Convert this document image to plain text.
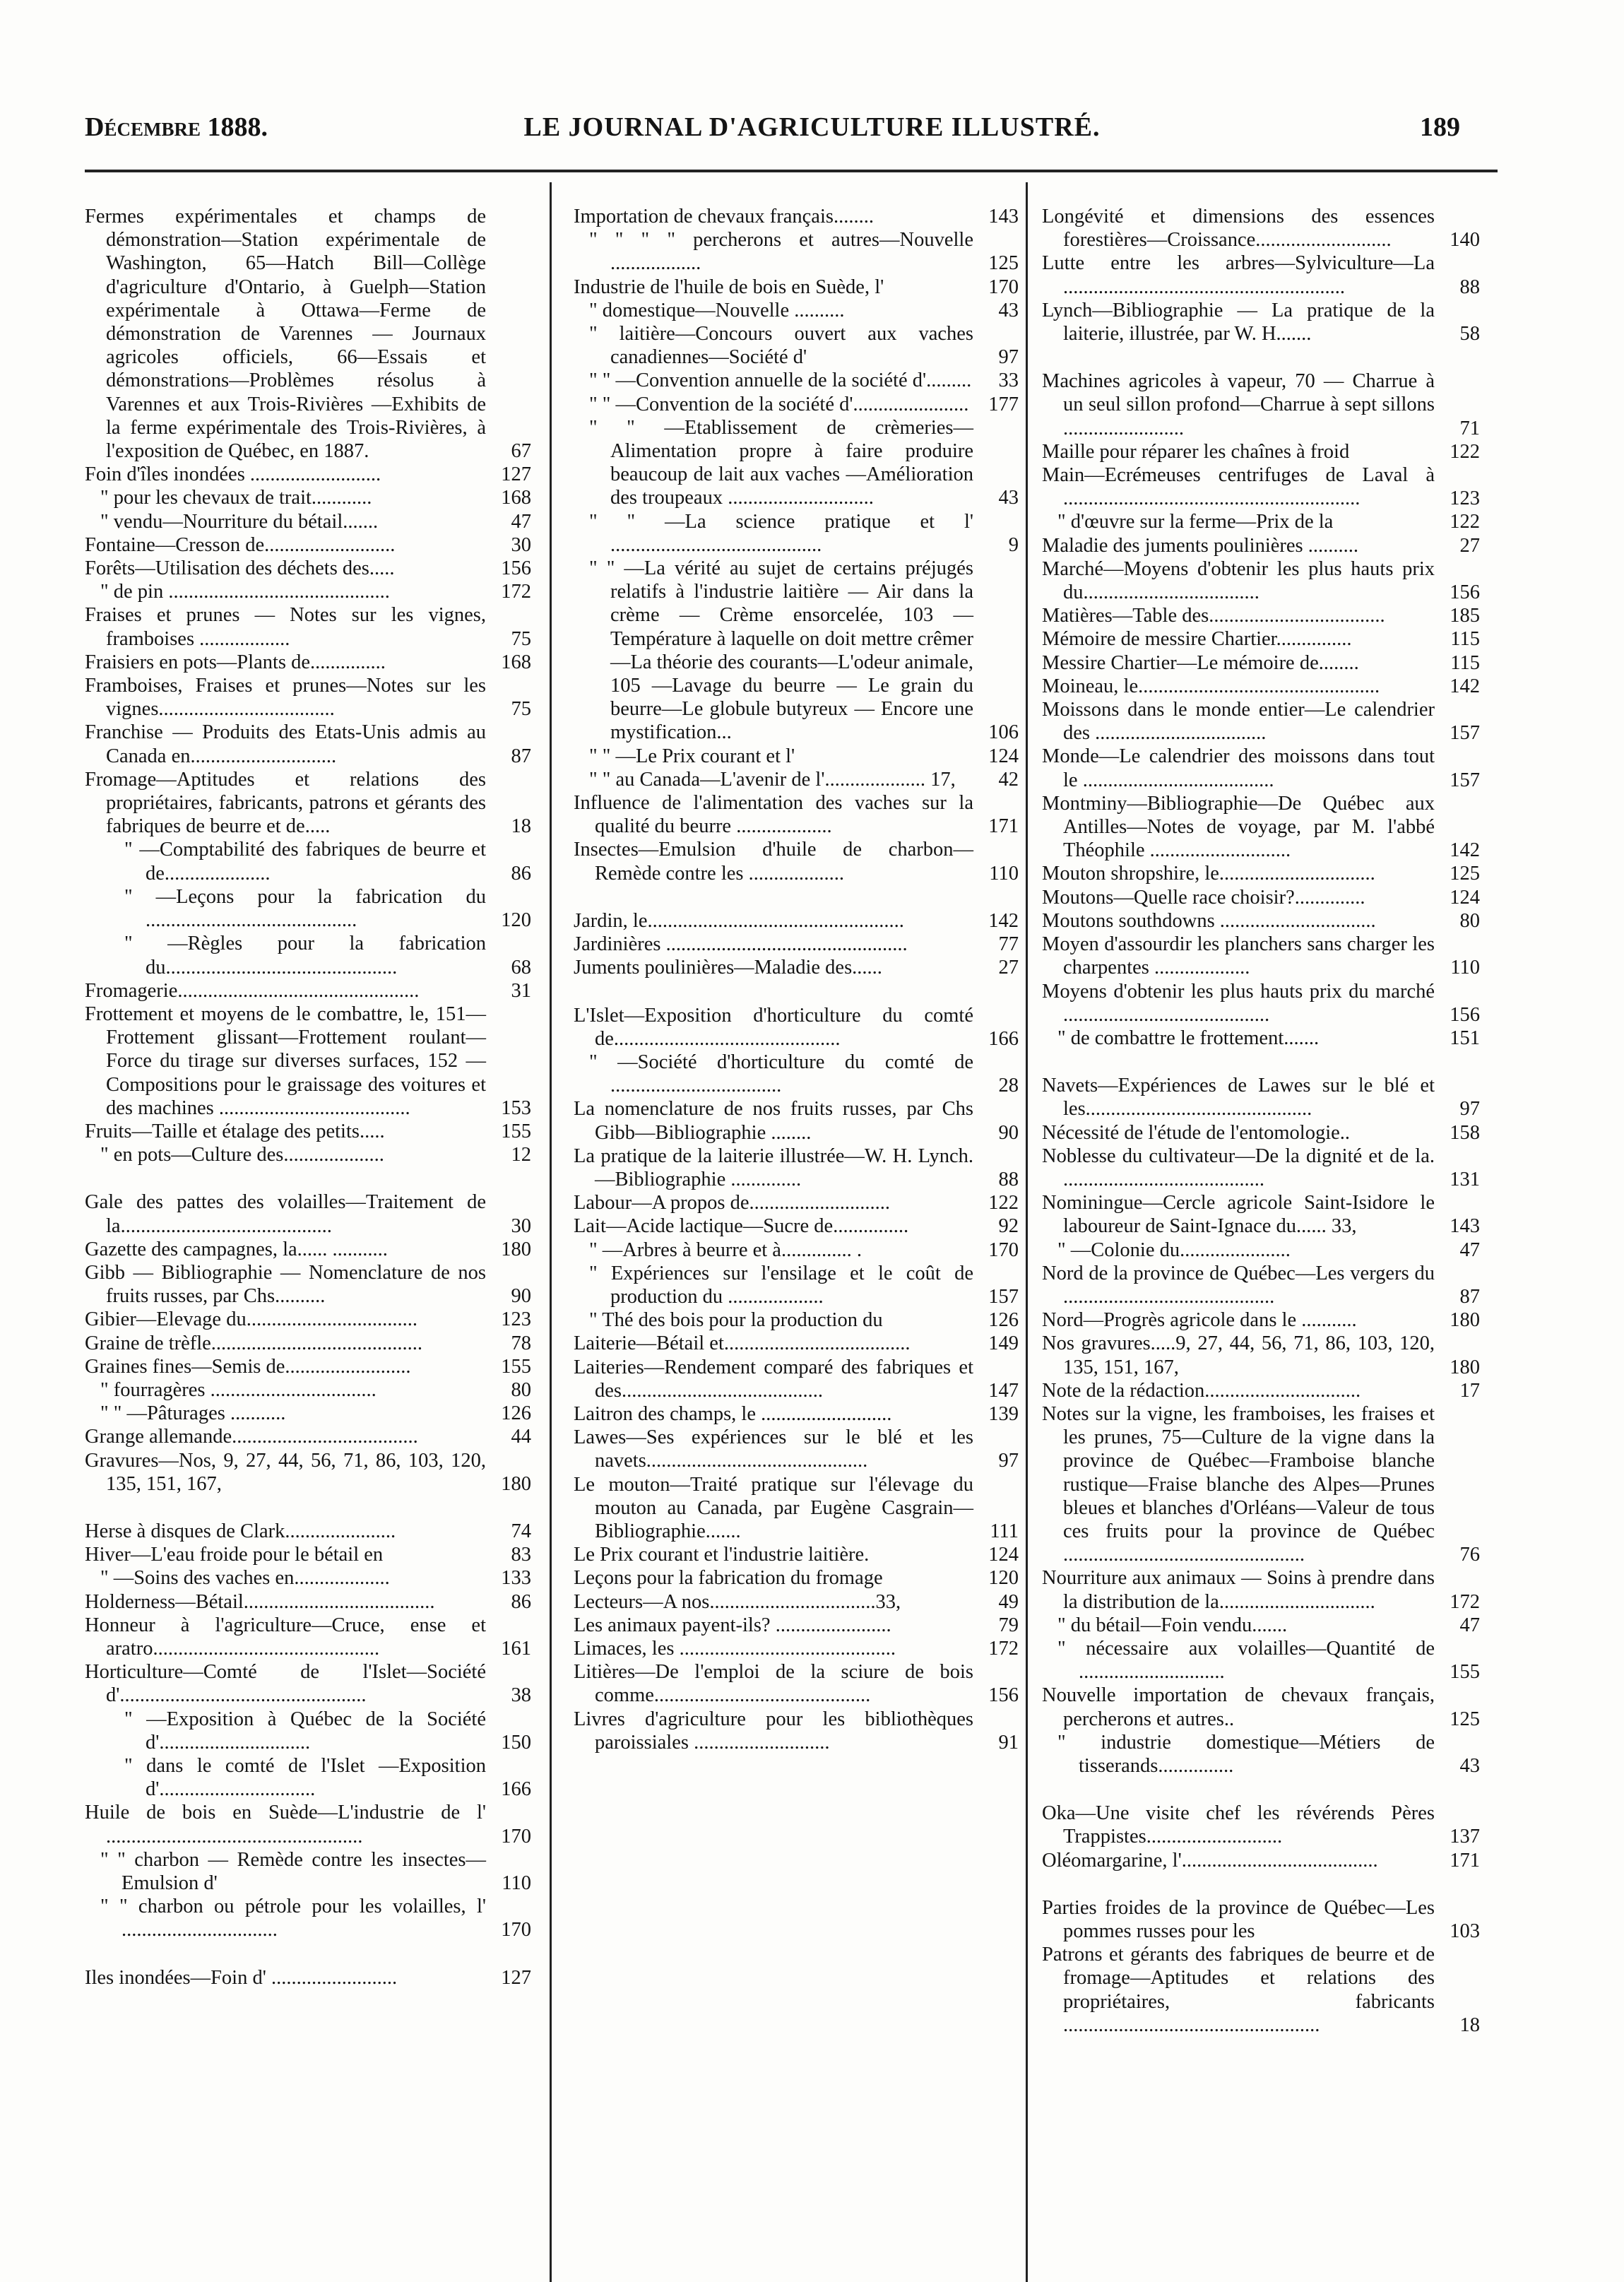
Décembre 1888.	LE JOURNAL D'AGRICULTURE ILLUSTRÉ.	189
Fermes expérimentales et champs de démonstration—Station expérimentale de Washington, 65—Hatch Bill—Collège d'agriculture d'Ontario, à Guelph—Station expérimentale à Ottawa—Ferme de démonstration de Varennes — Journaux agricoles officiels, 66—Essais et démonstrations—Problèmes résolus à Varennes et aux Trois-Rivières —Exhibits de la ferme expérimentale des Trois-Rivières, à l'exposition de Québec, en 1887.	67
Foin d'îles inondées ..........................	127
" pour les chevaux de trait............	168
" vendu—Nourriture du bétail.......	47
Fontaine—Cresson de..........................	30
Forêts—Utilisation des déchets des.....	156
" de pin ............................................	172
Fraises et prunes — Notes sur les vignes, framboises ..................	75
Fraisiers en pots—Plants de...............	168
Framboises, Fraises et prunes—Notes sur les vignes...................................	75
Franchise — Produits des Etats-Unis admis au Canada en.............................	87
Fromage—Aptitudes et relations des propriétaires, fabricants, patrons et gérants des fabriques de beurre et de.....	18
" —Comptabilité des fabriques de beurre et de.....................	86
" —Leçons pour la fabrication du ..........................................	120
" —Règles pour la fabrication du..............................................	68
Fromagerie................................................	31
Frottement et moyens de le combattre, le, 151—Frottement glissant—Frottement roulant—Force du tirage sur diverses surfaces, 152 — Compositions pour le graissage des voitures et des machines ......................................	153
Fruits—Taille et étalage des petits.....	155
" en pots—Culture des....................	12
Gale des pattes des volailles—Traitement de la..........................................	30
Gazette des campagnes, la...... ...........	180
Gibb — Bibliographie — Nomenclature de nos fruits russes, par Chs..........	90
Gibier—Elevage du..................................	123
Graine de trèfle..........................................	78
Graines fines—Semis de.........................	155
" fourragères .................................	80
" " —Pâturages ...........	126
Grange allemande.....................................	44
Gravures—Nos, 9, 27, 44, 56, 71, 86, 103, 120, 135, 151, 167,	180
Herse à disques de Clark......................	74
Hiver—L'eau froide pour le bétail en	83
" —Soins des vaches en...................	133
Holderness—Bétail......................................	86
Honneur à l'agriculture—Cruce, ense et aratro.............................................	161
Horticulture—Comté de l'Islet—Société d'.................................................	38
" —Exposition à Québec de la Société d'..............................	150
" dans le comté de l'Islet —Exposition d'...............................	166
Huile de bois en Suède—L'industrie de l' ...................................................	170
" " charbon — Remède contre les insectes—Emulsion d'	110
" " charbon ou pétrole pour les volailles, l' ...............................	170
Iles inondées—Foin d' .........................	127
Importation de chevaux français........	143
" " " " percherons et autres—Nouvelle ..................	125
Industrie de l'huile de bois en Suède, l'	170
" domestique—Nouvelle ..........	43
" laitière—Concours ouvert aux vaches canadiennes—Société d'	97
" " —Convention annuelle de la société d'.........	33
" " —Convention de la société d'....................... 177
" " —Etablissement de crèmeries—Alimentation propre à faire produire beaucoup de lait aux vaches —Amélioration des troupeaux .............................	43
" " —La science pratique et l' ..........................................	9
" " —La vérité au sujet de certains préjugés relatifs à l'industrie laitière — Air dans la crème — Crème ensorcelée, 103 — Température à laquelle on doit mettre crêmer—La théorie des courants—L'odeur animale, 105 —Lavage du beurre — Le grain du beurre—Le globule butyreux — Encore une mystification...	106
" " —Le Prix courant et l'	124
" " au Canada—L'avenir de l'.................... 17,	42
Influence de l'alimentation des vaches sur la qualité du beurre ...................	171
Insectes—Emulsion d'huile de charbon—Remède contre les ...................	110
Jardin, le...................................................	142
Jardinières ................................................	77
Juments poulinières—Maladie des......	27
L'Islet—Exposition d'horticulture du comté de.............................................	166
" —Société d'horticulture du comté de ..................................	28
La nomenclature de nos fruits russes, par Chs Gibb—Bibliographie ........	90
La pratique de la laiterie illustrée—W. H. Lynch.—Bibliographie ..............	88
Labour—A propos de............................	122
Lait—Acide lactique—Sucre de...............	92
" —Arbres à beurre et à.............. .	170
" Expériences sur l'ensilage et le coût de production du ...................	157
" Thé des bois pour la production du	126
Laiterie—Bétail et.....................................	149
Laiteries—Rendement comparé des fabriques et des........................................	147
Laitron des champs, le ..........................	139
Lawes—Ses expériences sur le blé et les navets............................................	97
Le mouton—Traité pratique sur l'élevage du mouton au Canada, par Eugène Casgrain—Bibliographie.......	111
Le Prix courant et l'industrie laitière.	124
Leçons pour la fabrication du fromage	120
Lecteurs—A nos.................................33,	49
Les animaux payent-ils? .......................	79
Limaces, les ...........................................	172
Litières—De l'emploi de la sciure de bois comme...........................................	156
Livres d'agriculture pour les bibliothèques paroissiales ...........................	91
Longévité et dimensions des essences forestières—Croissance...........................	140
Lutte entre les arbres—Sylviculture—La ........................................................	88
Lynch—Bibliographie — La pratique de la laiterie, illustrée, par W. H.......	58
Machines agricoles à vapeur, 70 — Charrue à un seul sillon profond—Charrue à sept sillons ........................	71
Maille pour réparer les chaînes à froid	122
Main—Ecrémeuses centrifuges de Laval à ...........................................................	123
" d'œuvre sur la ferme—Prix de la	122
Maladie des juments poulinières ..........	27
Marché—Moyens d'obtenir les plus hauts prix du...................................	156
Matières—Table des...................................	185
Mémoire de messire Chartier...............	115
Messire Chartier—Le mémoire de........	115
Moineau, le................................................	142
Moissons dans le monde entier—Le calendrier des ..................................	157
Monde—Le calendrier des moissons dans tout le ......................................	157
Montminy—Bibliographie—De Québec aux Antilles—Notes de voyage, par M. l'abbé Théophile ............................	142
Mouton shropshire, le...............................	125
Moutons—Quelle race choisir?..............	124
Moutons southdowns ...............................	80
Moyen d'assourdir les planchers sans charger les charpentes ...................	110
Moyens d'obtenir les plus hauts prix du marché .........................................	156
" de combattre le frottement.......	151
Navets—Expériences de Lawes sur le blé et les.............................................	97
Nécessité de l'étude de l'entomologie..	158
Noblesse du cultivateur—De la dignité et de la. ........................................	131
Nominingue—Cercle agricole Saint-Isidore le laboureur de Saint-Ignace du...... 33,	143
" —Colonie du......................	47
Nord de la province de Québec—Les vergers du ..........................................	87
Nord—Progrès agricole dans le ...........	180
Nos gravures.....9, 27, 44, 56, 71, 86, 103, 120, 135, 151, 167,	180
Note de la rédaction...............................	17
Notes sur la vigne, les framboises, les fraises et les prunes, 75—Culture de la vigne dans la province de Québec—Framboise blanche rustique—Fraise blanche des Alpes—Prunes bleues et blanches d'Orléans—Valeur de tous ces fruits pour la province de Québec ................................................	76
Nourriture aux animaux — Soins à prendre dans la distribution de la...............................	172
" du bétail—Foin vendu.......	47
" nécessaire aux volailles—Quantité de .............................	155
Nouvelle importation de chevaux français, percherons et autres..	125
" industrie domestique—Métiers de tisserands...............	43
Oka—Une visite chef les révérends Pères Trappistes...........................	137
Oléomargarine, l'.......................................	171
Parties froides de la province de Québec—Les pommes russes pour les	103
Patrons et gérants des fabriques de beurre et de fromage—Aptitudes et relations des propriétaires, fabricants ...................................................	18
